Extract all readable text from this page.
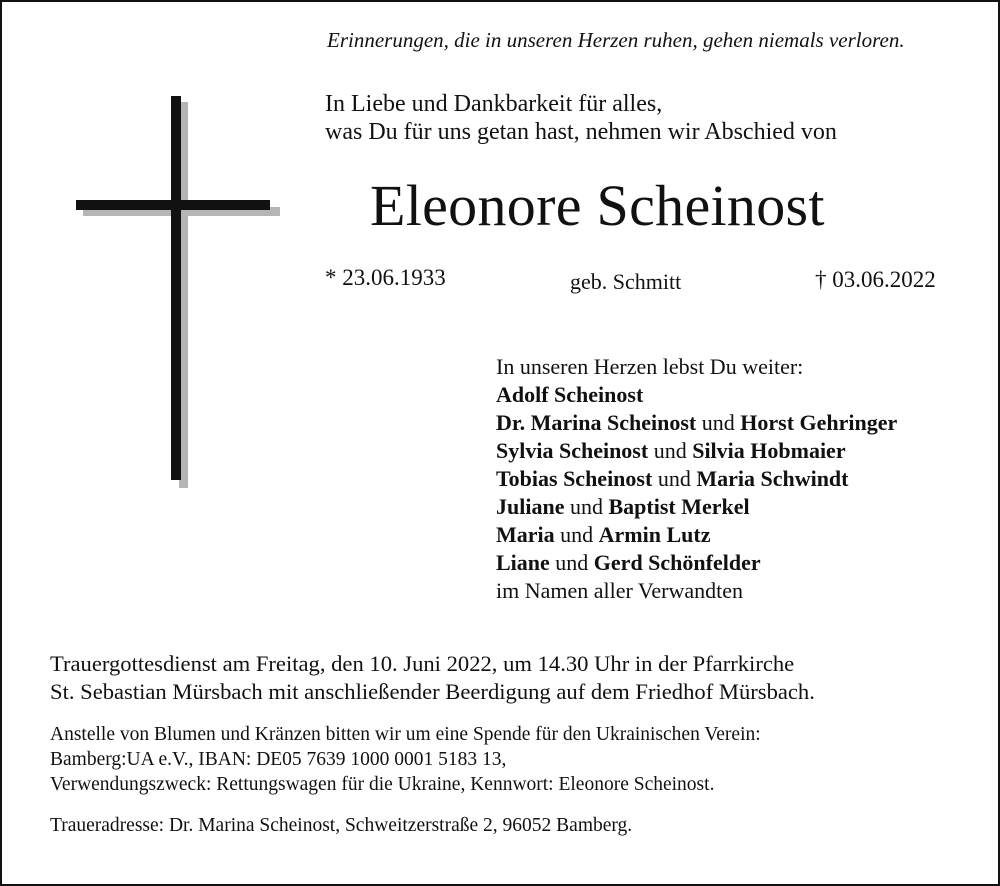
Erinnerungen, die in unseren Herzen ruhen, gehen niemals verloren.
In Liebe und Dankbarkeit für alles,
was Du für uns getan hast, nehmen wir Abschied von
Eleonore Scheinost
* 23.06.1933	geb. Schmitt	† 03.06.2022
In unseren Herzen lebst Du weiter:
Adolf Scheinost
Dr. Marina Scheinost und Horst Gehringer
Sylvia Scheinost und Silvia Hobmaier
Tobias Scheinost und Maria Schwindt
Juliane und Baptist Merkel
Maria und Armin Lutz
Liane und Gerd Schönfelder
im Namen aller Verwandten
Trauergottesdienst am Freitag, den 10. Juni 2022, um 14.30 Uhr in der Pfarrkirche
St. Sebastian Mürsbach mit anschließender Beerdigung auf dem Friedhof Mürsbach.
Anstelle von Blumen und Kränzen bitten wir um eine Spende für den Ukrainischen Verein:
Bamberg:UA e.V., IBAN: DE05 7639 1000 0001 5183 13,
Verwendungszweck: Rettungswagen für die Ukraine, Kennwort: Eleonore Scheinost.
Traueradresse: Dr. Marina Scheinost, Schweitzerstraße 2, 96052 Bamberg.
